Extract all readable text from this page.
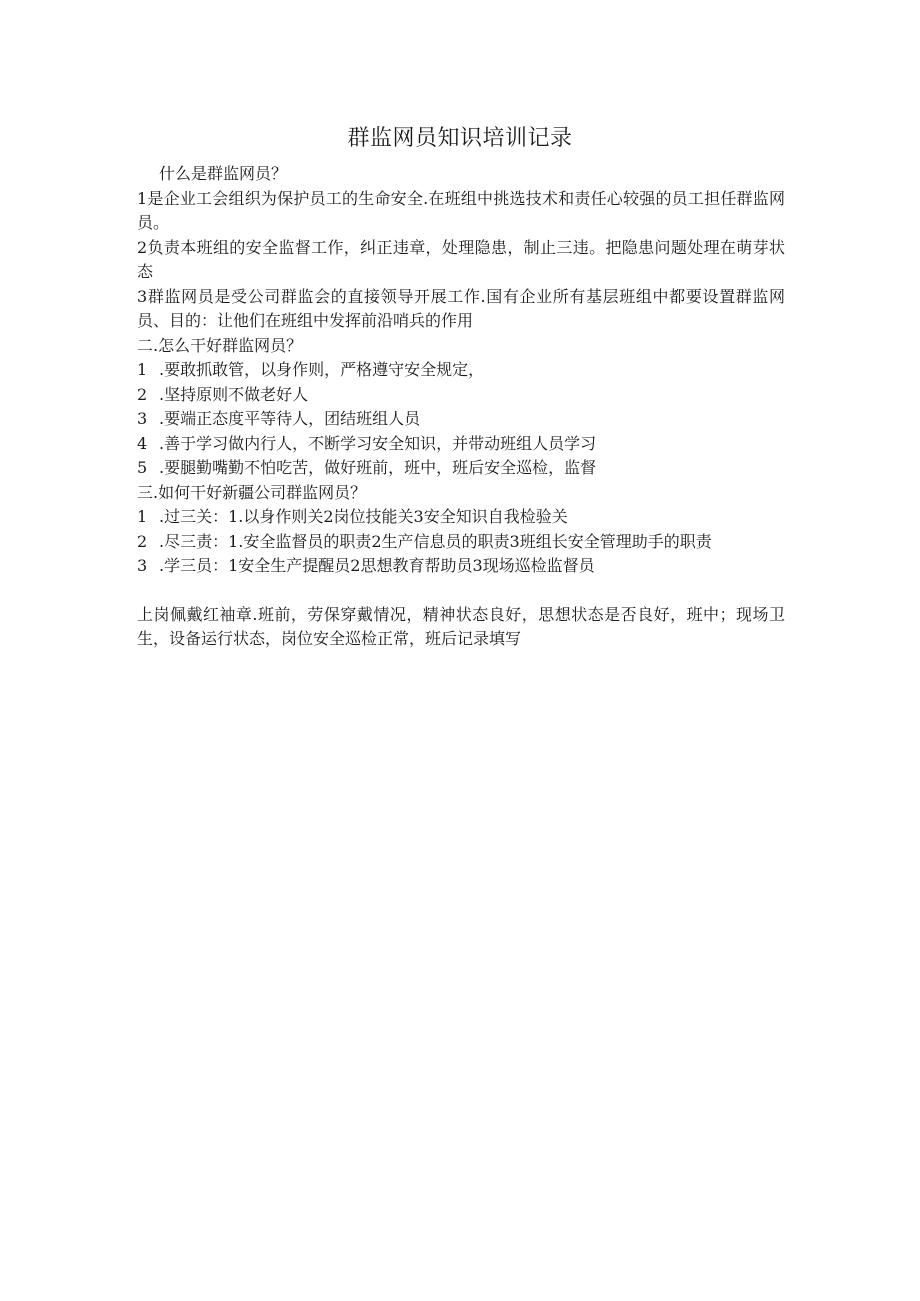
群监网员知识培训记录

什么是群监网员？

1是企业工会组织为保护员工的生命安全.在班组中挑选技术和责任心较强的员工担任群监网员。

2负责本班组的安全监督工作，纠正违章，处理隐患，制止三违。把隐患问题处理在萌芽状态

3群监网员是受公司群监会的直接领导开展工作.国有企业所有基层班组中都要设置群监网员、目的：让他们在班组中发挥前沿哨兵的作用

二.怎么干好群监网员？

1 .要敢抓敢管，以身作则，严格遵守安全规定，
2 .坚持原则不做老好人
3 .要端正态度平等待人，团结班组人员
4 .善于学习做内行人，不断学习安全知识，并带动班组人员学习
5 .要腿勤嘴勤不怕吃苦，做好班前，班中，班后安全巡检，监督

三.如何干好新疆公司群监网员？

1 .过三关：1.以身作则关2岗位技能关3安全知识自我检验关
2 .尽三责：1.安全监督员的职责2生产信息员的职责3班组长安全管理助手的职责
3 .学三员：1安全生产提醒员2思想教育帮助员3现场巡检监督员

上岗佩戴红袖章.班前，劳保穿戴情况，精神状态良好，思想状态是否良好，班中；现场卫生，设备运行状态，岗位安全巡检正常，班后记录填写
